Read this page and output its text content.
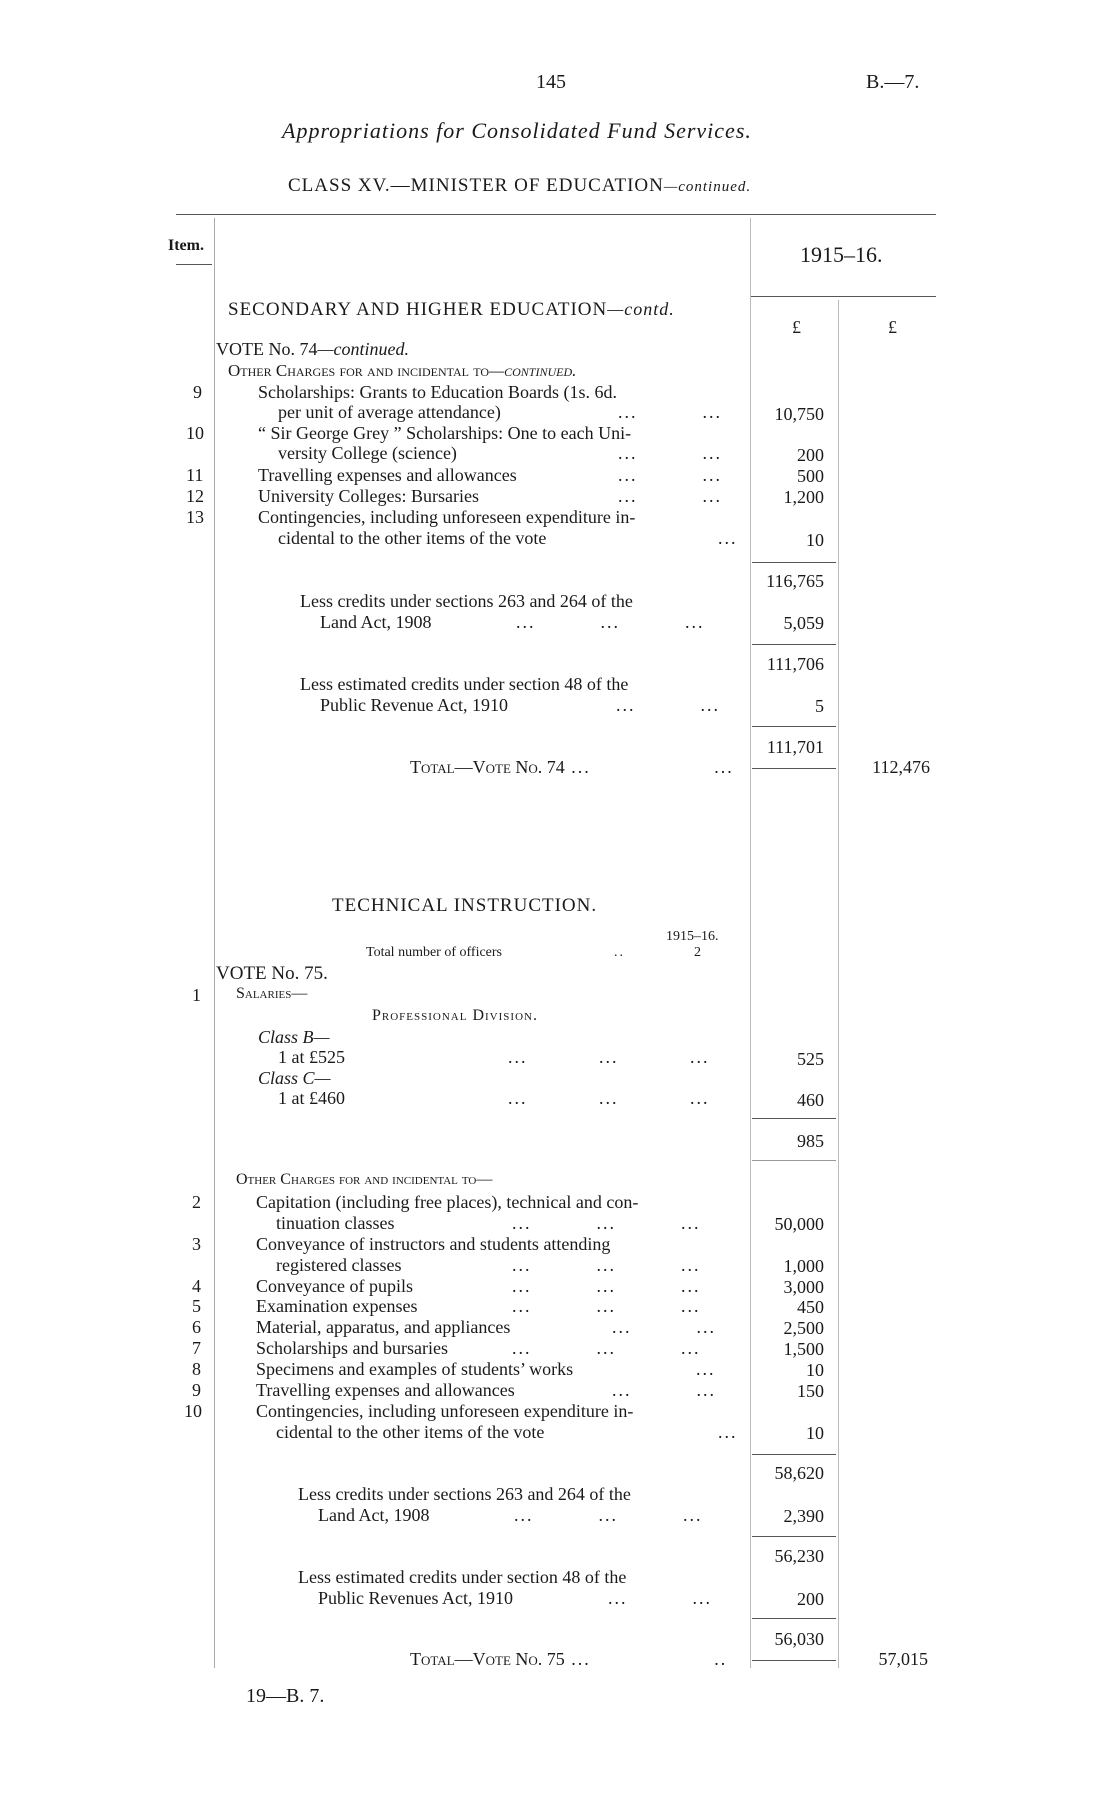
145	B.—7.
Appropriations for Consolidated Fund Services.
CLASS XV.—MINISTER OF EDUCATION—continued.
Item.	1915–16.
£	£
SECONDARY AND HIGHER EDUCATION—contd.
VOTE No. 74—continued.
Other Charges for and incidental to—continued.
9	Scholarships: Grants to Education Boards (1s. 6d.
per unit of average attendance)	...          ...	10,750
10	“ Sir George Grey ” Scholarships: One to each Uni-
versity College (science)	...          ...	200
11	Travelling expenses and allowances	...          ...	500
12	University Colleges: Bursaries	...          ...	1,200
13	Contingencies, including unforeseen expenditure in-
cidental to the other items of the vote	...	10
116,765
Less credits under sections 263 and 264 of the
Land Act, 1908	...          ...          ...	5,059
111,706
Less estimated credits under section 48 of the
Public Revenue Act, 1910	...          ...	5
111,701
Total—Vote No. 74 ...                   ...	112,476
TECHNICAL INSTRUCTION.
1915–16.
Total number of officers	..	2
VOTE No. 75.
1 Salaries—
Professional Division.
Class B—
1 at £525	...           ...           ...	525
Class C—
1 at £460	...           ...           ...	460
985
Other Charges for and incidental to—
2	Capitation (including free places), technical and con-
tinuation classes	...          ...          ...	50,000
3	Conveyance of instructors and students attending
registered classes	...          ...          ...	1,000
4	Conveyance of pupils	...          ...          ...	3,000
5	Examination expenses	...          ...          ...	450
6	Material, apparatus, and appliances	...          ...	2,500
7	Scholarships and bursaries	...          ...          ...	1,500
8	Specimens and examples of students’ works	...	10
9	Travelling expenses and allowances	...          ...	150
10	Contingencies, including unforeseen expenditure in-
cidental to the other items of the vote	...	10
58,620
Less credits under sections 263 and 264 of the
Land Act, 1908	...          ...          ...	2,390
56,230
Less estimated credits under section 48 of the
Public Revenues Act, 1910	...          ...	200
56,030
Total—Vote No. 75 ...                   ..	57,015
19—B. 7.
